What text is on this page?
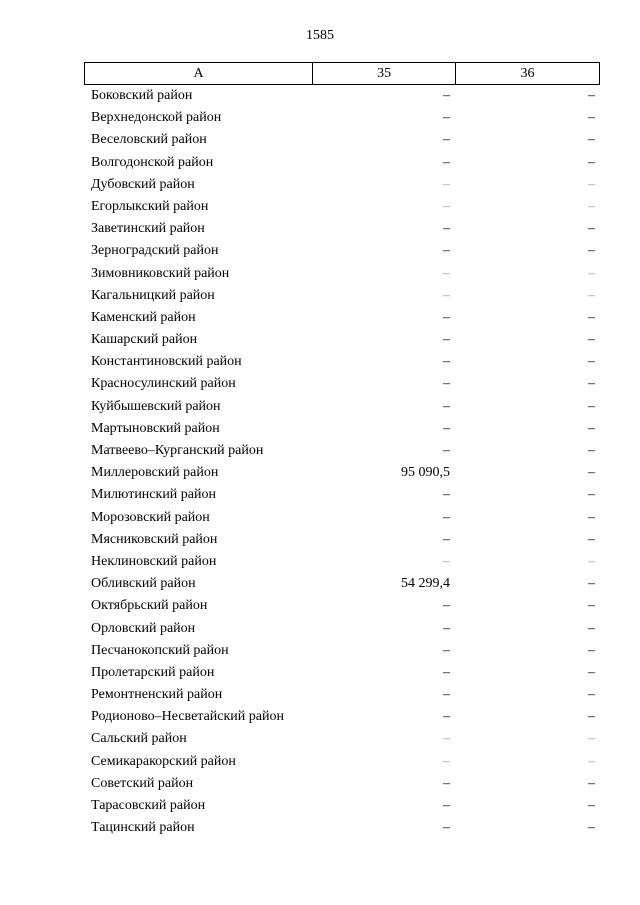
1585
А	35	36
Боковский район	–	–
Верхнедонской район	–	–
Веселовский район	–	–
Волгодонской район	–	–
Дубовский район	–	–
Егорлыкский район	–	–
Заветинский район	–	–
Зерноградский район	–	–
Зимовниковский район	–	–
Кагальницкий район	–	–
Каменский район	–	–
Кашарский район	–	–
Константиновский район	–	–
Красносулинский район	–	–
Куйбышевский район	–	–
Мартыновский район	–	–
Матвеево–Курганский район	–	–
Миллеровский район	95 090,5	–
Милютинский район	–	–
Морозовский район	–	–
Мясниковский район	–	–
Неклиновский район	–	–
Обливский район	54 299,4	–
Октябрьский район	–	–
Орловский район	–	–
Песчанокопский район	–	–
Пролетарский район	–	–
Ремонтненский район	–	–
Родионово–Несветайский район	–	–
Сальский район	–	–
Семикаракорский район	–	–
Советский район	–	–
Тарасовский район	–	–
Тацинский район	–	–
